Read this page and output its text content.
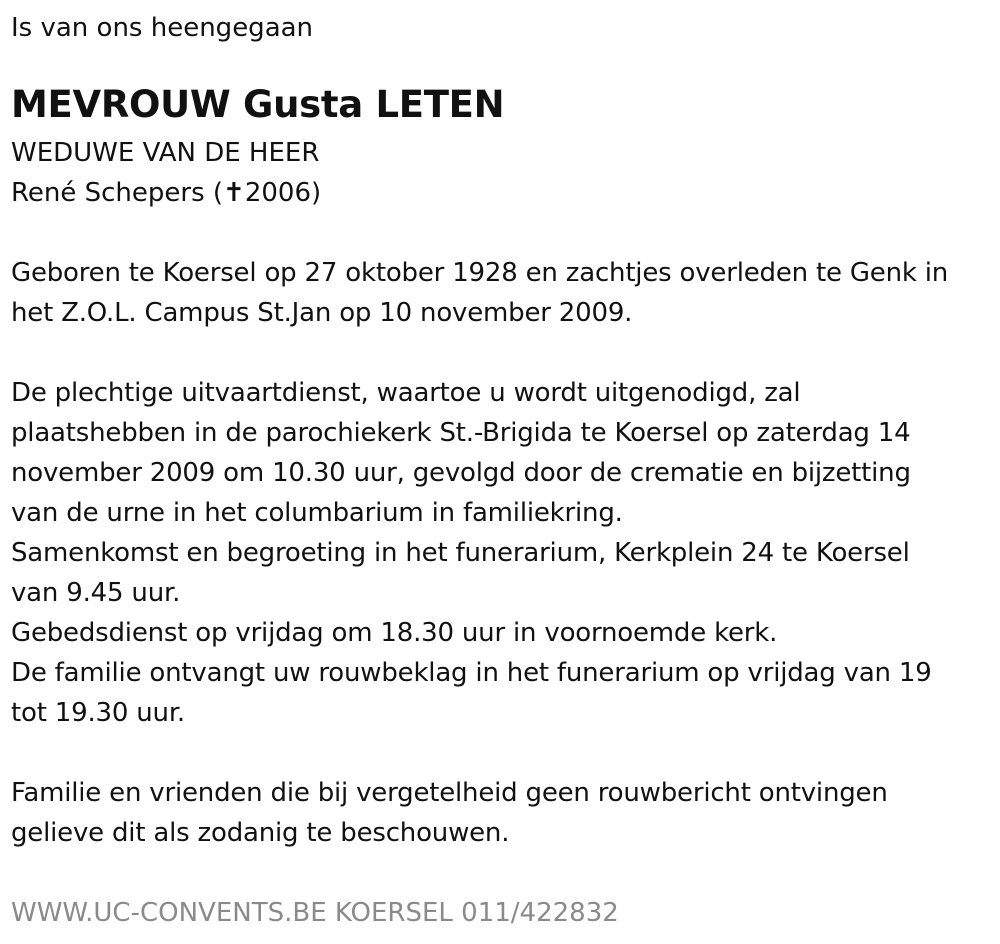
Is van ons heengegaan
MEVROUW Gusta LETEN
WEDUWE VAN DE HEER
René Schepers (✝2006)
Geboren te Koersel op 27 oktober 1928 en zachtjes overleden te Genk in
het Z.O.L. Campus St.Jan op 10 november 2009.
De plechtige uitvaartdienst, waartoe u wordt uitgenodigd, zal
plaatshebben in de parochiekerk St.-Brigida te Koersel op zaterdag 14
november 2009 om 10.30 uur, gevolgd door de crematie en bijzetting
van de urne in het columbarium in familiekring.
Samenkomst en begroeting in het funerarium, Kerkplein 24 te Koersel
van 9.45 uur.
Gebedsdienst op vrijdag om 18.30 uur in voornoemde kerk.
De familie ontvangt uw rouwbeklag in het funerarium op vrijdag van 19
tot 19.30 uur.
Familie en vrienden die bij vergetelheid geen rouwbericht ontvingen
gelieve dit als zodanig te beschouwen.
WWW.UC-CONVENTS.BE KOERSEL 011/422832
